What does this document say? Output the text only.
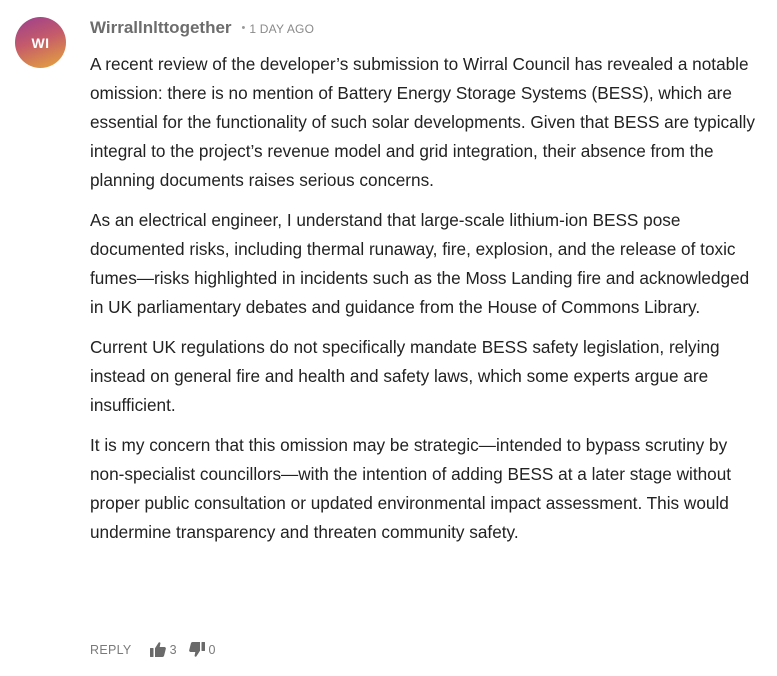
WI
Wirrallnlttogether • 1 DAY AGO

A recent review of the developer’s submission to Wirral Council has revealed a notable omission: there is no mention of Battery Energy Storage Systems (BESS), which are essential for the functionality of such solar developments. Given that BESS are typically integral to the project’s revenue model and grid integration, their absence from the planning documents raises serious concerns.

As an electrical engineer, I understand that large-scale lithium-ion BESS pose documented risks, including thermal runaway, fire, explosion, and the release of toxic fumes—risks highlighted in incidents such as the Moss Landing fire and acknowledged in UK parliamentary debates and guidance from the House of Commons Library.

Current UK regulations do not specifically mandate BESS safety legislation, relying instead on general fire and health and safety laws, which some experts argue are insufficient.

It is my concern that this omission may be strategic—intended to bypass scrutiny by non-specialist councillors—with the intention of adding BESS at a later stage without proper public consultation or updated environmental impact assessment. This would undermine transparency and threaten community safety.

REPLY	3	0
